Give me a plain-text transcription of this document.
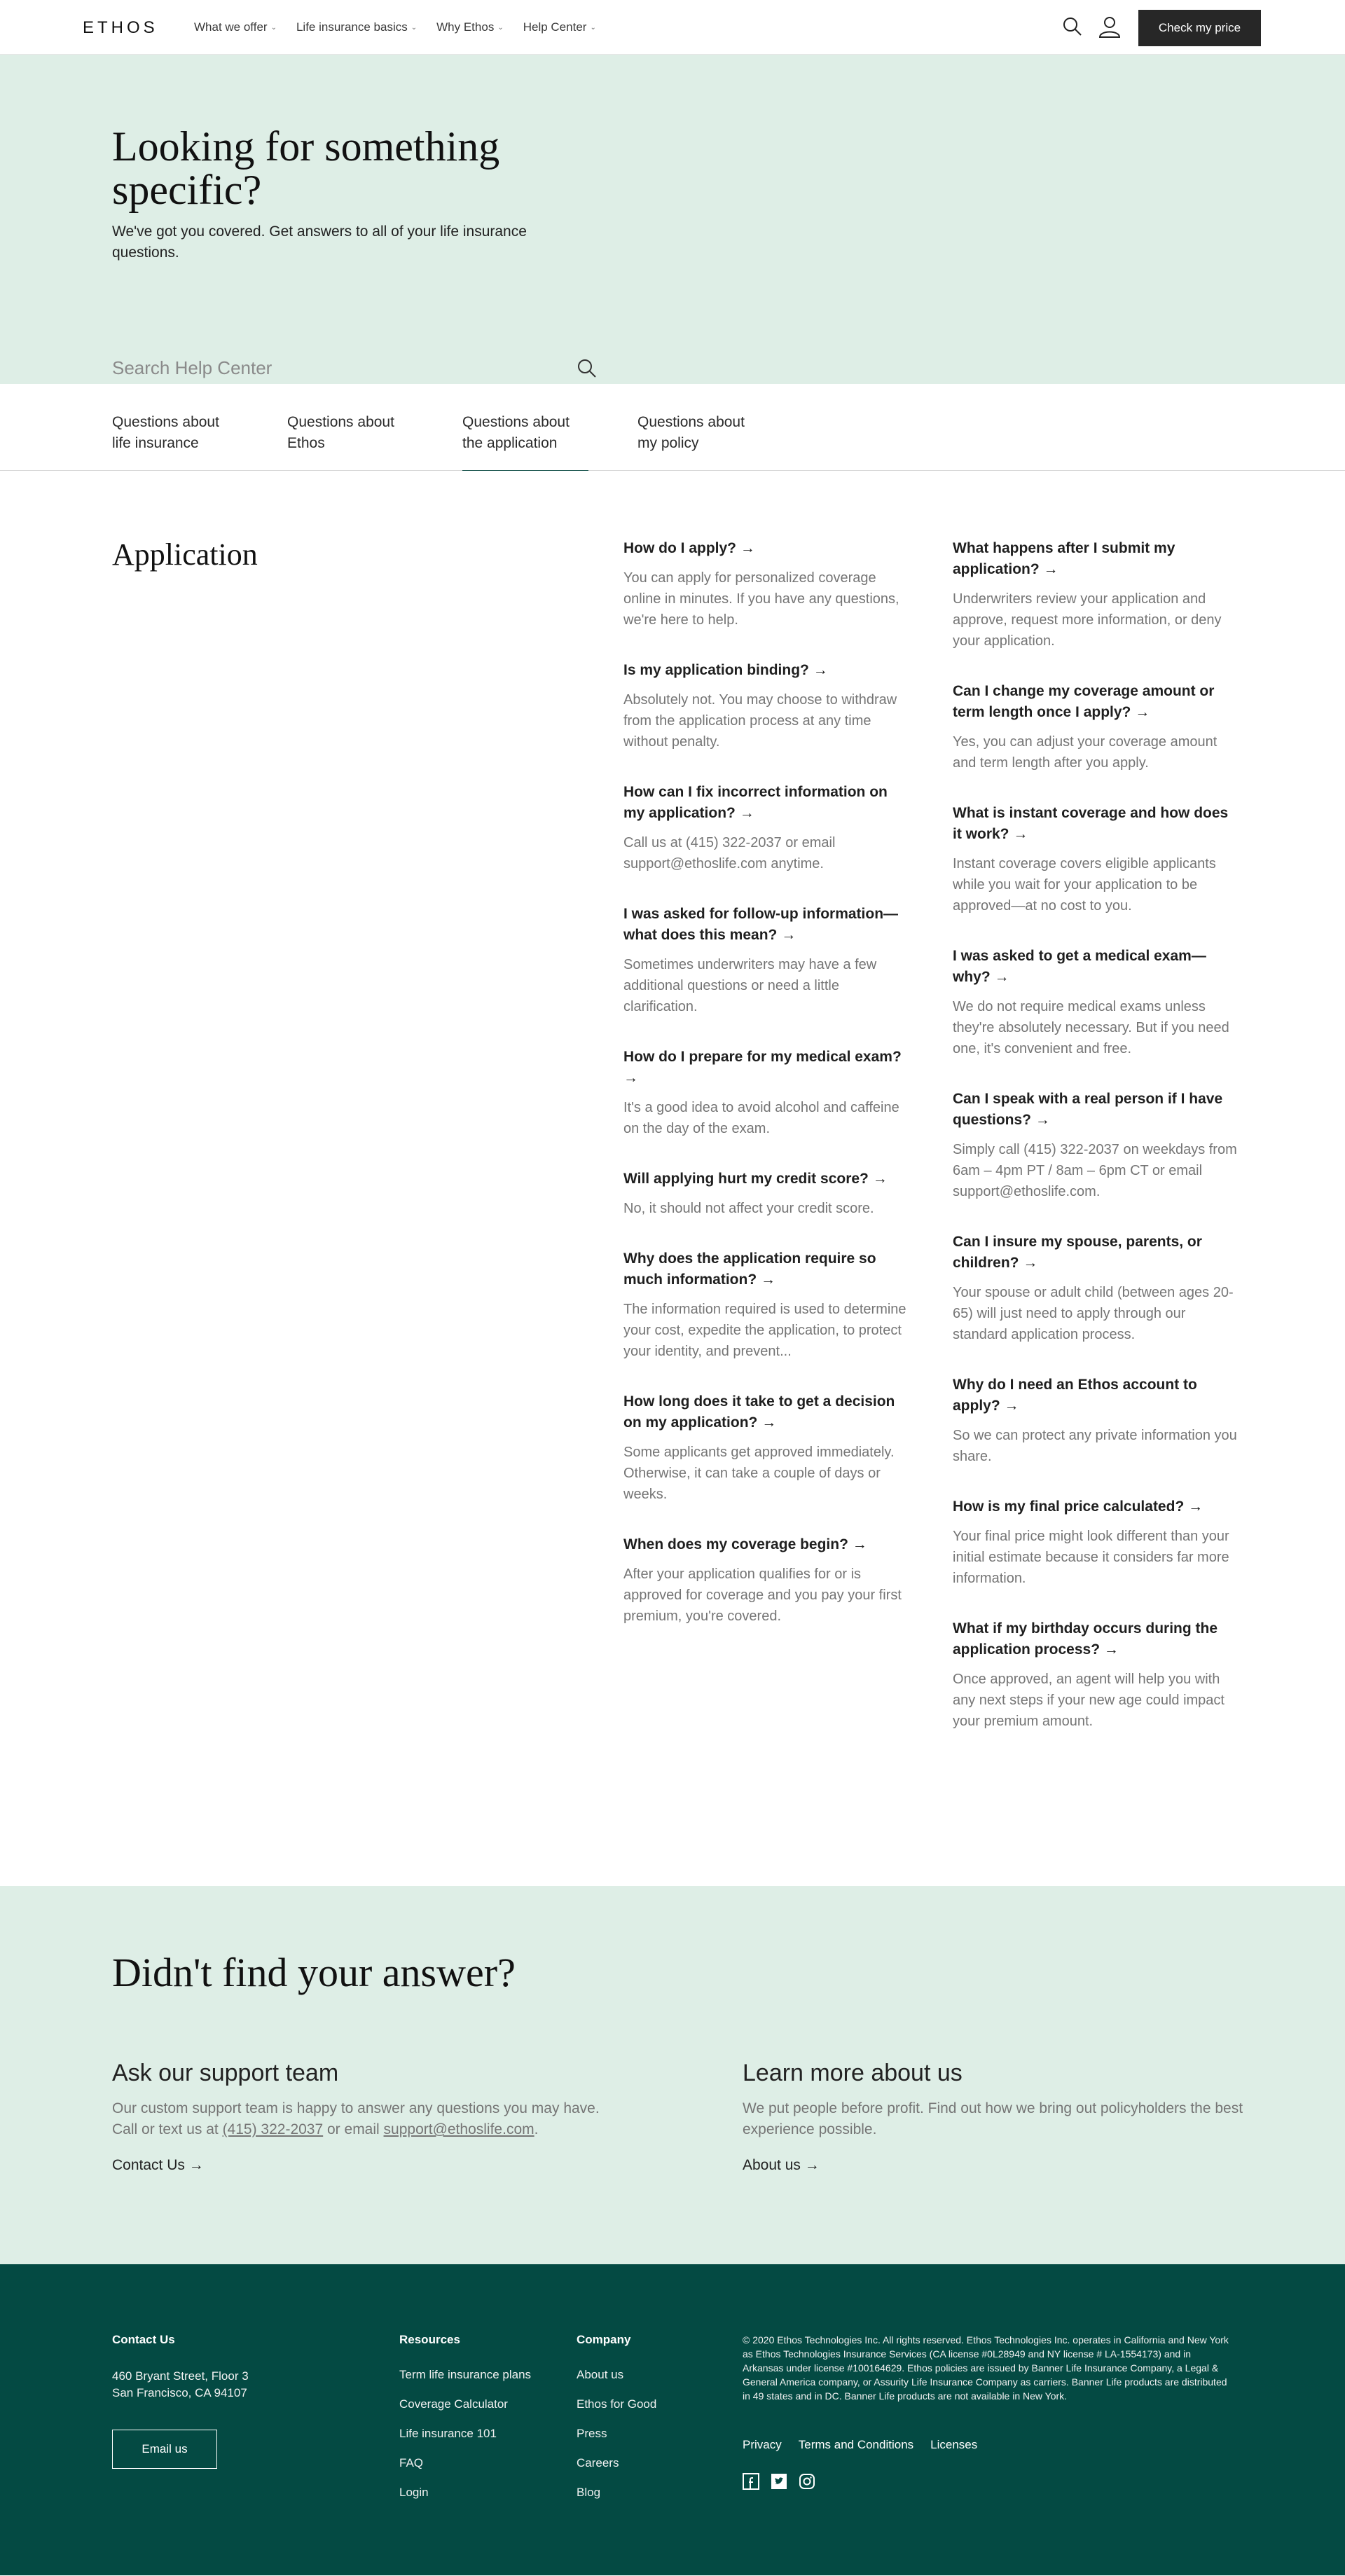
ETHOS	What we offer ⌄ Life insurance basics ⌄ Why Ethos ⌄ Help Center ⌄	Check my price
Looking for something specific?

We've got you covered. Get answers to all of your life insurance questions.

Search Help Center
Questions about
life insurance
Questions about
Ethos
Questions about
the application
Questions about
my policy
Application	How do I apply? →
You can apply for personalized coverage online in minutes. If you have any questions, we're here to help.
Is my application binding? →
Absolutely not. You may choose to withdraw from the application process at any time without penalty.
How can I fix incorrect information on my application? →
Call us at (415) 322-2037 or email support@ethoslife.com anytime.
I was asked for follow-up information—what does this mean? →
Sometimes underwriters may have a few additional questions or need a little clarification.
How do I prepare for my medical exam? →
It's a good idea to avoid alcohol and caffeine on the day of the exam.
Will applying hurt my credit score? →
No, it should not affect your credit score.
Why does the application require so much information? →
The information required is used to determine your cost, expedite the application, to protect your identity, and prevent...
How long does it take to get a decision on my application? →
Some applicants get approved immediately. Otherwise, it can take a couple of days or weeks.
When does my coverage begin? →
After your application qualifies for or is approved for coverage and you pay your first premium, you're covered.
What happens after I submit my application? →
Underwriters review your application and approve, request more information, or deny your application.
Can I change my coverage amount or term length once I apply? →
Yes, you can adjust your coverage amount and term length after you apply.
What is instant coverage and how does it work? →
Instant coverage covers eligible applicants while you wait for your application to be approved—at no cost to you.
I was asked to get a medical exam—why? →
We do not require medical exams unless they're absolutely necessary. But if you need one, it's convenient and free.
Can I speak with a real person if I have questions? →
Simply call (415) 322-2037 on weekdays from 6am – 4pm PT / 8am – 6pm CT or email support@ethoslife.com.
Can I insure my spouse, parents, or children? →
Your spouse or adult child (between ages 20-65) will just need to apply through our standard application process.
Why do I need an Ethos account to apply? →
So we can protect any private information you share.
How is my final price calculated? →
Your final price might look different than your initial estimate because it considers far more information.
What if my birthday occurs during the application process? →
Once approved, an agent will help you with any next steps if your new age could impact your premium amount.
Didn't find your answer?
Ask our support team

Our custom support team is happy to answer any questions you may have. Call or text us at (415) 322-2037 or email support@ethoslife.com.

Contact Us →
Learn more about us

We put people before profit. Find out how we bring out policyholders the best experience possible.

About us →
Contact Us
460 Bryant Street, Floor 3
San Francisco, CA 94107
Email us
Resources
Term life insurance plans
Coverage Calculator
Life insurance 101
FAQ
Login
Company
About us
Ethos for Good
Press
Careers
Blog
© 2020 Ethos Technologies Inc. All rights reserved. Ethos Technologies Inc. operates in California and New York as Ethos Technologies Insurance Services (CA license #0L28949 and NY license # LA-1554173) and in Arkansas under license #100164629. Ethos policies are issued by Banner Life Insurance Company, a Legal & General America company, or Assurity Life Insurance Company as carriers. Banner Life products are distributed in 49 states and in DC. Banner Life products are not available in New York.
Privacy Terms and Conditions Licenses
